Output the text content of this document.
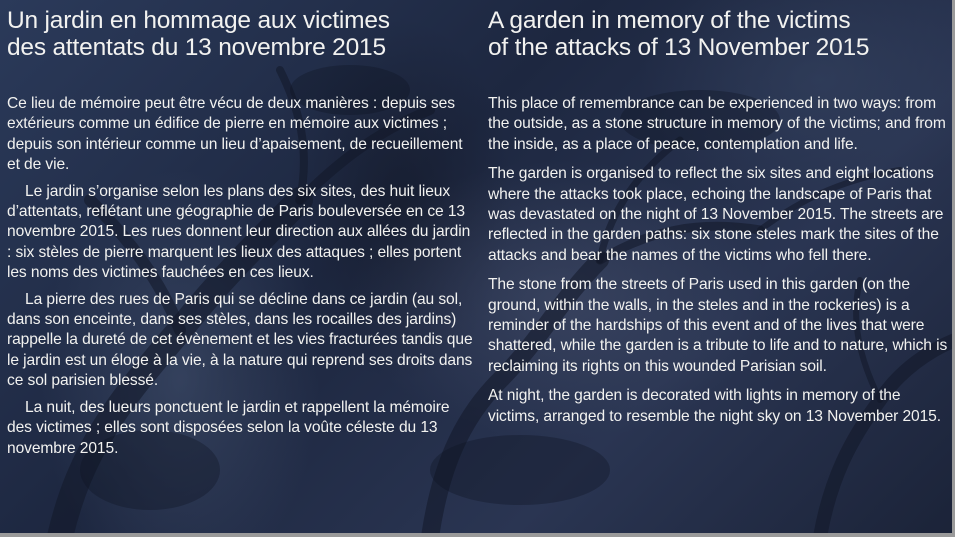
Un jardin en hommage aux victimes
des attentats du 13 novembre 2015

Ce lieu de mémoire peut être vécu de deux manières : depuis ses extérieurs comme un édifice de pierre en mémoire aux victimes ; depuis son intérieur comme un lieu d’apaisement, de recueillement et de vie.

Le jardin s’organise selon les plans des six sites, des huit lieux d’attentats, reflétant une géographie de Paris bouleversée en ce 13 novembre 2015. Les rues donnent leur direction aux allées du jardin : six stèles de pierre marquent les lieux des attaques ; elles portent les noms des victimes fauchées en ces lieux.

La pierre des rues de Paris qui se décline dans ce jardin (au sol, dans son enceinte, dans ses stèles, dans les rocailles des jardins) rappelle la dureté de cet évènement et les vies fracturées tandis que le jardin est un éloge à la vie, à la nature qui reprend ses droits dans ce sol parisien blessé.

La nuit, des lueurs ponctuent le jardin et rappellent la mémoire des victimes ; elles sont disposées selon la voûte céleste du 13 novembre 2015.

A garden in memory of the victims
of the attacks of 13 November 2015

This place of remembrance can be experienced in two ways: from the outside, as a stone structure in memory of the victims; and from the inside, as a place of peace, contemplation and life.

The garden is organised to reflect the six sites and eight locations where the attacks took place, echoing the landscape of Paris that was devastated on the night of 13 November 2015. The streets are reflected in the garden paths: six stone steles mark the sites of the attacks and bear the names of the victims who fell there.

The stone from the streets of Paris used in this garden (on the ground, within the walls, in the steles and in the rockeries) is a reminder of the hardships of this event and of the lives that were shattered, while the garden is a tribute to life and to nature, which is reclaiming its rights on this wounded Parisian soil.

At night, the garden is decorated with lights in memory of the victims, arranged to resemble the night sky on 13 November 2015.
